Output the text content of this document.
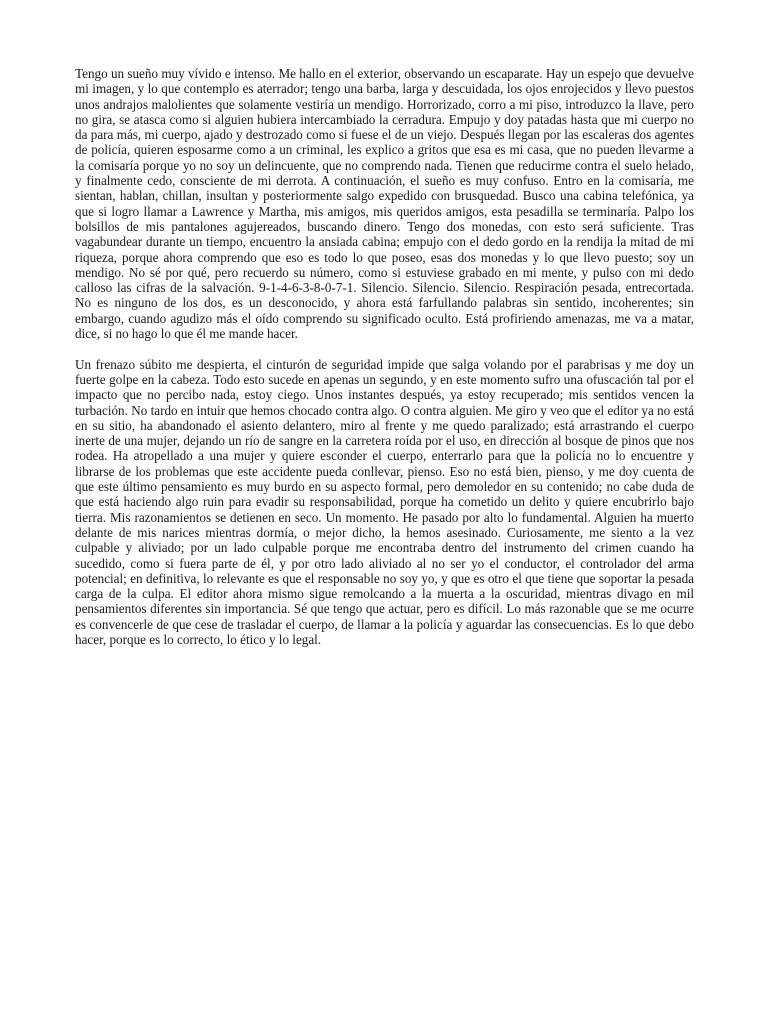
Tengo un sueño muy vívido e intenso. Me hallo en el exterior, observando un escaparate. Hay un espejo que devuelve mi imagen, y lo que contemplo es aterrador; tengo una barba, larga y descuidada, los ojos enrojecidos y llevo puestos unos andrajos malolientes que solamente vestiría un mendigo. Horrorizado, corro a mi piso, introduzco la llave, pero no gira, se atasca como si alguien hubiera intercambiado la cerradura. Empujo y doy patadas hasta que mi cuerpo no da para más, mi cuerpo, ajado y destrozado como si fuese el de un viejo. Después llegan por las escaleras dos agentes de policía, quieren esposarme como a un criminal, les explico a gritos que esa es mi casa, que no pueden llevarme a la comisaría porque yo no soy un delincuente, que no comprendo nada. Tienen que reducirme contra el suelo helado, y finalmente cedo, consciente de mi derrota. A continuación, el sueño es muy confuso. Entro en la comisaría, me sientan, hablan, chillan, insultan y posteriormente salgo expedido con brusquedad. Busco una cabina telefónica, ya que si logro llamar a Lawrence y Martha, mis amigos, mis queridos amigos, esta pesadilla se terminaría. Palpo los bolsillos de mis pantalones agujereados, buscando dinero. Tengo dos monedas, con esto será suficiente. Tras vagabundear durante un tiempo, encuentro la ansiada cabina; empujo con el dedo gordo en la rendija la mitad de mi riqueza, porque ahora comprendo que eso es todo lo que poseo, esas dos monedas y lo que llevo puesto; soy un mendigo. No sé por qué, pero recuerdo su número, como si estuviese grabado en mi mente, y pulso con mi dedo calloso las cifras de la salvación. 9-1-4-6-3-8-0-7-1. Silencio. Silencio. Silencio. Respiración pesada, entrecortada. No es ninguno de los dos, es un desconocido, y ahora está farfullando palabras sin sentido, incoherentes; sin embargo, cuando agudizo más el oído comprendo su significado oculto. Está profiriendo amenazas, me va a matar, dice, si no hago lo que él me mande hacer.

Un frenazo súbito me despierta, el cinturón de seguridad impide que salga volando por el parabrisas y me doy un fuerte golpe en la cabeza. Todo esto sucede en apenas un segundo, y en este momento sufro una ofuscación tal por el impacto que no percibo nada, estoy ciego. Unos instantes después, ya estoy recuperado; mis sentidos vencen la turbación. No tardo en intuir que hemos chocado contra algo. O contra alguien. Me giro y veo que el editor ya no está en su sitio, ha abandonado el asiento delantero, miro al frente y me quedo paralizado; está arrastrando el cuerpo inerte de una mujer, dejando un río de sangre en la carretera roída por el uso, en dirección al bosque de pinos que nos rodea. Ha atropellado a una mujer y quiere esconder el cuerpo, enterrarlo para que la policía no lo encuentre y librarse de los problemas que este accidente pueda conllevar, pienso. Eso no está bien, pienso, y me doy cuenta de que este último pensamiento es muy burdo en su aspecto formal, pero demoledor en su contenido; no cabe duda de que está haciendo algo ruin para evadir su responsabilidad, porque ha cometido un delito y quiere encubrirlo bajo tierra. Mis razonamientos se detienen en seco. Un momento. He pasado por alto lo fundamental. Alguien ha muerto delante de mis narices mientras dormía, o mejor dicho, la hemos asesinado. Curiosamente, me siento a la vez culpable y aliviado; por un lado culpable porque me encontraba dentro del instrumento del crimen cuando ha sucedido, como si fuera parte de él, y por otro lado aliviado al no ser yo el conductor, el controlador del arma potencial; en definitiva, lo relevante es que el responsable no soy yo, y que es otro el que tiene que soportar la pesada carga de la culpa. El editor ahora mismo sigue remolcando a la muerta a la oscuridad, mientras divago en mil pensamientos diferentes sin importancia. Sé que tengo que actuar, pero es difícil. Lo más razonable que se me ocurre es convencerle de que cese de trasladar el cuerpo, de llamar a la policía y aguardar las consecuencias. Es lo que debo hacer, porque es lo correcto, lo ético y lo legal.
